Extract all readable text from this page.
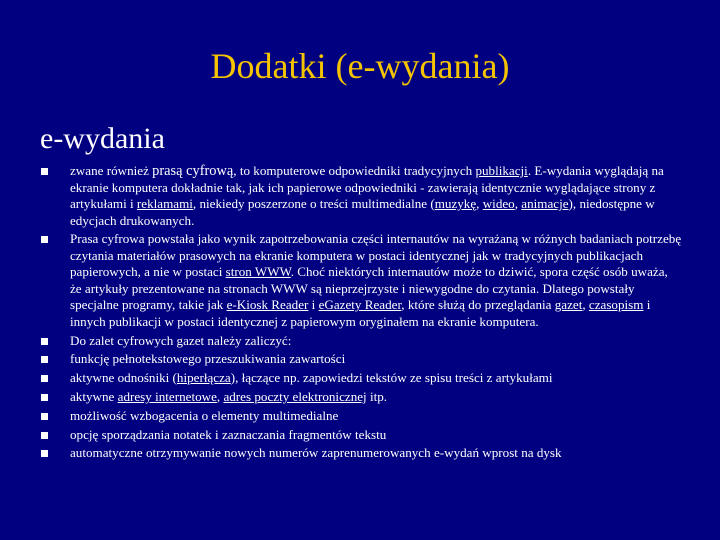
Dodatki (e-wydania)
e-wydania
zwane również prasą cyfrową, to komputerowe odpowiedniki tradycyjnych publikacji. E-wydania wyglądają na ekranie komputera dokładnie tak, jak ich papierowe odpowiedniki - zawierają identycznie wyglądające strony z artykułami i reklamami, niekiedy poszerzone o treści multimedialne (muzykę, wideo, animacje), niedostępne w edycjach drukowanych.
Prasa cyfrowa powstała jako wynik zapotrzebowania części internautów na wyrażaną w różnych badaniach potrzebę czytania materiałów prasowych na ekranie komputera w postaci identycznej jak w tradycyjnych publikacjach papierowych, a nie w postaci stron WWW. Choć niektórych internautów może to dziwić, spora część osób uważa, że artykuły prezentowane na stronach WWW są nieprzejrzyste i niewygodne do czytania. Dlatego powstały specjalne programy, takie jak e-Kiosk Reader i eGazety Reader, które służą do przeglądania gazet, czasopism i innych publikacji w postaci identycznej z papierowym oryginałem na ekranie komputera.
Do zalet cyfrowych gazet należy zaliczyć:
funkcję pełnotekstowego przeszukiwania zawartości
aktywne odnośniki (hiperłącza), łączące np. zapowiedzi tekstów ze spisu treści z artykułami
aktywne adresy internetowe, adres poczty elektronicznej itp.
możliwość wzbogacenia o elementy multimedialne
opcję sporządzania notatek i zaznaczania fragmentów tekstu
automatyczne otrzymywanie nowych numerów zaprenumerowanych e-wydań wprost na dysk
